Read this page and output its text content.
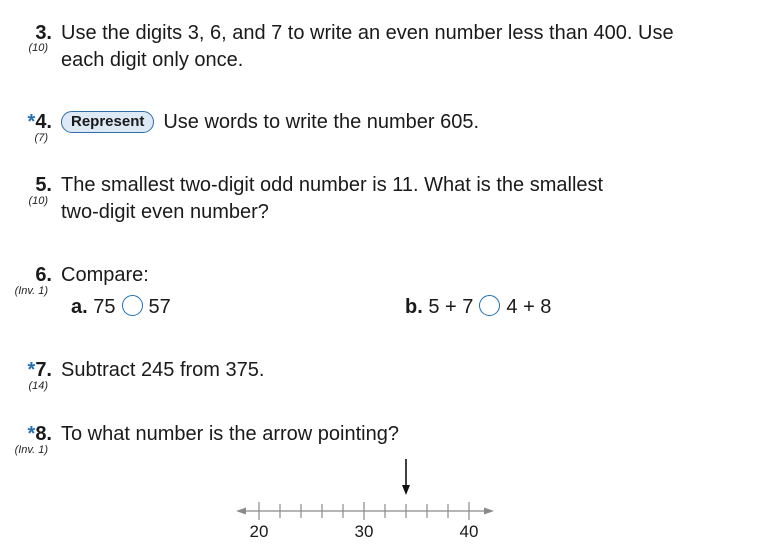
3.
(10)
Use the digits 3, 6, and 7 to write an even number less than 400. Use
each digit only once.
*4.
(7)
Represent Use words to write the number 605.
5.
(10)
The smallest two-digit odd number is 11. What is the smallest
two-digit even number?
6.
(Inv. 1)
Compare:
a. 75 57	b. 5 + 7 4 + 8
*7.
(14)
Subtract 245 from 375.
*8.
(Inv. 1)
To what number is the arrow pointing?
20	30	40
